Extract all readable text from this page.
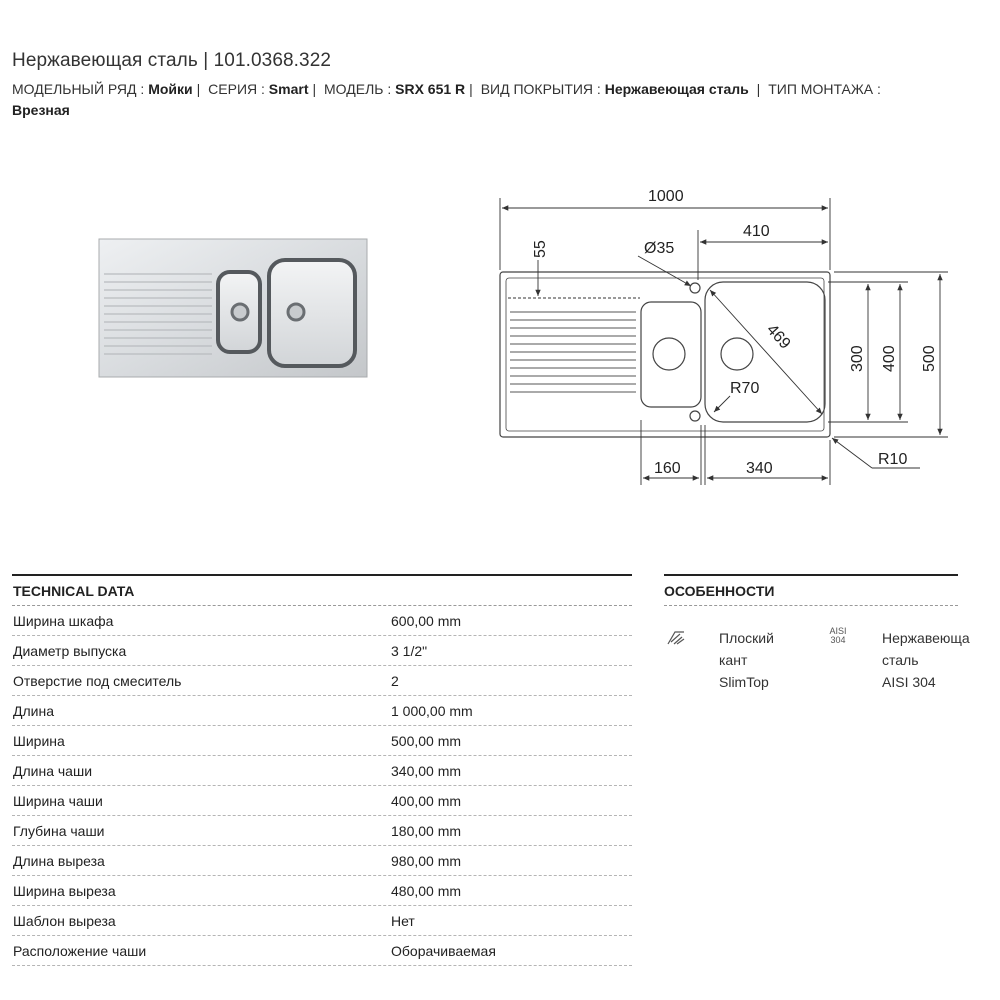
Нержавеющая сталь | 101.0368.322
МОДЕЛЬНЫЙ РЯД : Мойки | СЕРИЯ : Smart | МОДЕЛЬ : SRX 651 R | ВИД ПОКРЫТИЯ : Нержавеющая сталь | ТИП МОНТАЖА : Врезная
1000
410
Ø35
55
469
R70
300 400 500
160	340
R10
TECHNICAL DATA
Ширина шкафа	600,00 mm
Диаметр выпуска	3 1/2"
Отверстие под смеситель	2
Длина	1 000,00 mm
Ширина	500,00 mm
Длина чаши	340,00 mm
Ширина чаши	400,00 mm
Глубина чаши	180,00 mm
Длина выреза	980,00 mm
Ширина выреза	480,00 mm
Шаблон выреза	Нет
Расположение чаши	Оборачиваемая
ОСОБЕННОСТИ
Плоский
кант
SlimTop
AISI
304	Нержавеюща
сталь
AISI 304
